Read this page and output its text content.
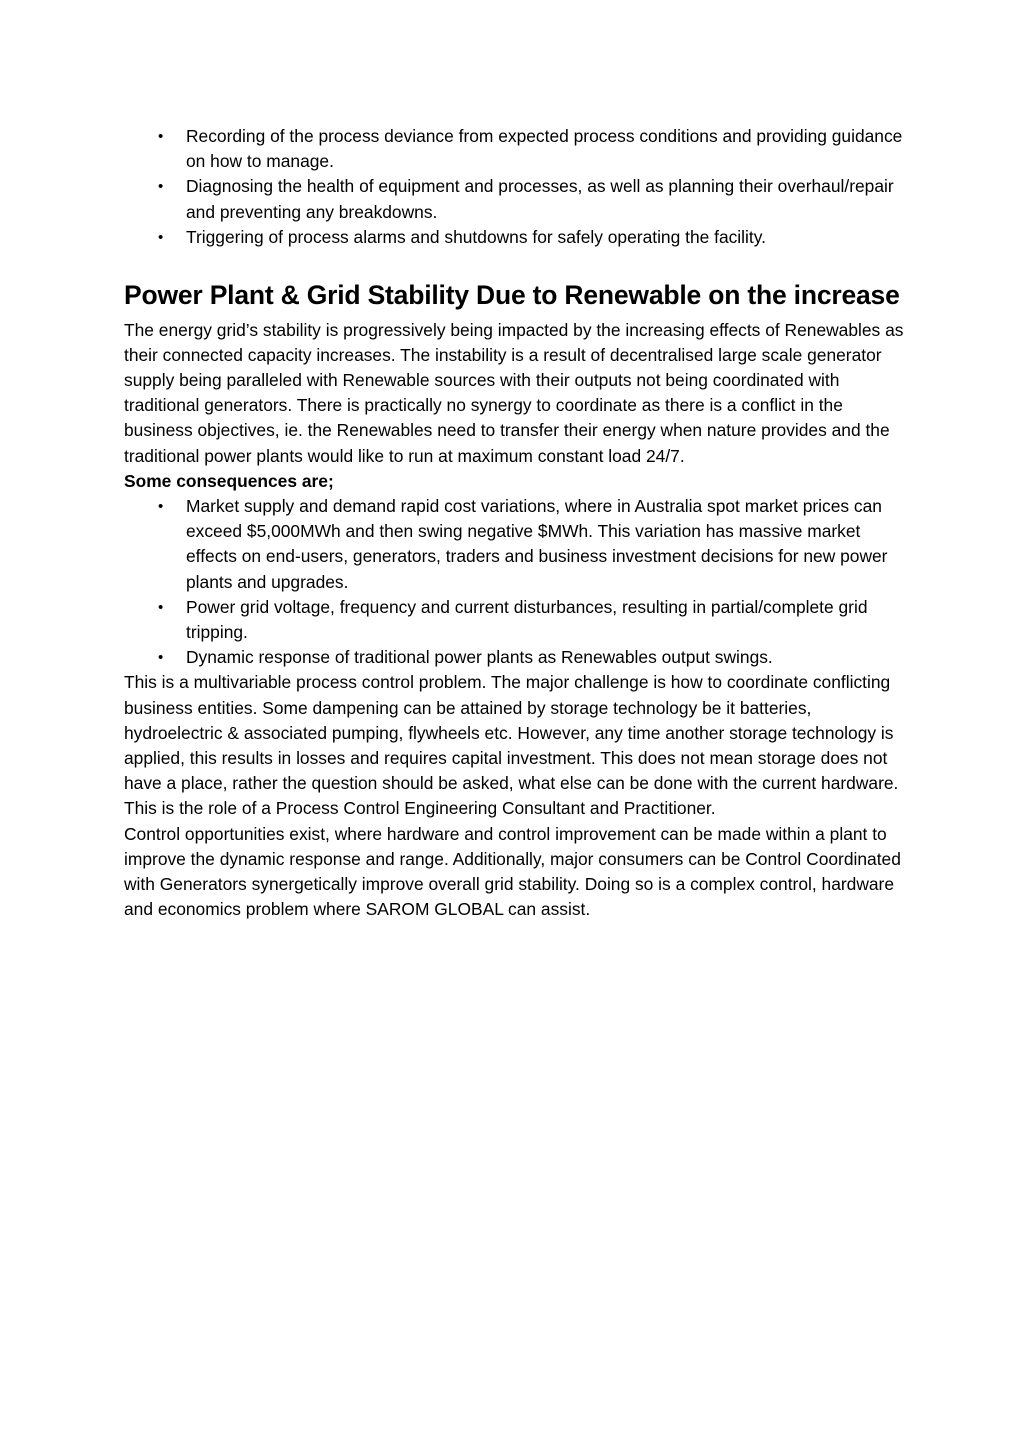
• Recording of the process deviance from expected process conditions and providing guidance on how to manage.
• Diagnosing the health of equipment and processes, as well as planning their overhaul/repair and preventing any breakdowns.
• Triggering of process alarms and shutdowns for safely operating the facility.
Power Plant & Grid Stability Due to Renewable on the increase

The energy grid’s stability is progressively being impacted by the increasing effects of Renewables as their connected capacity increases. The instability is a result of decentralised large scale generator supply being paralleled with Renewable sources with their outputs not being coordinated with traditional generators. There is practically no synergy to coordinate as there is a conflict in the business objectives, ie. the Renewables need to transfer their energy when nature provides and the traditional power plants would like to run at maximum constant load 24/7.

Some consequences are;

• Market supply and demand rapid cost variations, where in Australia spot market prices can exceed $5,000MWh and then swing negative $MWh. This variation has massive market effects on end-users, generators, traders and business investment decisions for new power plants and upgrades.
• Power grid voltage, frequency and current disturbances, resulting in partial/complete grid tripping.
• Dynamic response of traditional power plants as Renewables output swings.

This is a multivariable process control problem. The major challenge is how to coordinate conflicting business entities. Some dampening can be attained by storage technology be it batteries, hydroelectric & associated pumping, flywheels etc. However, any time another storage technology is applied, this results in losses and requires capital investment. This does not mean storage does not have a place, rather the question should be asked, what else can be done with the current hardware. This is the role of a Process Control Engineering Consultant and Practitioner.

Control opportunities exist, where hardware and control improvement can be made within a plant to improve the dynamic response and range. Additionally, major consumers can be Control Coordinated with Generators synergetically improve overall grid stability. Doing so is a complex control, hardware and economics problem where SAROM GLOBAL can assist.
